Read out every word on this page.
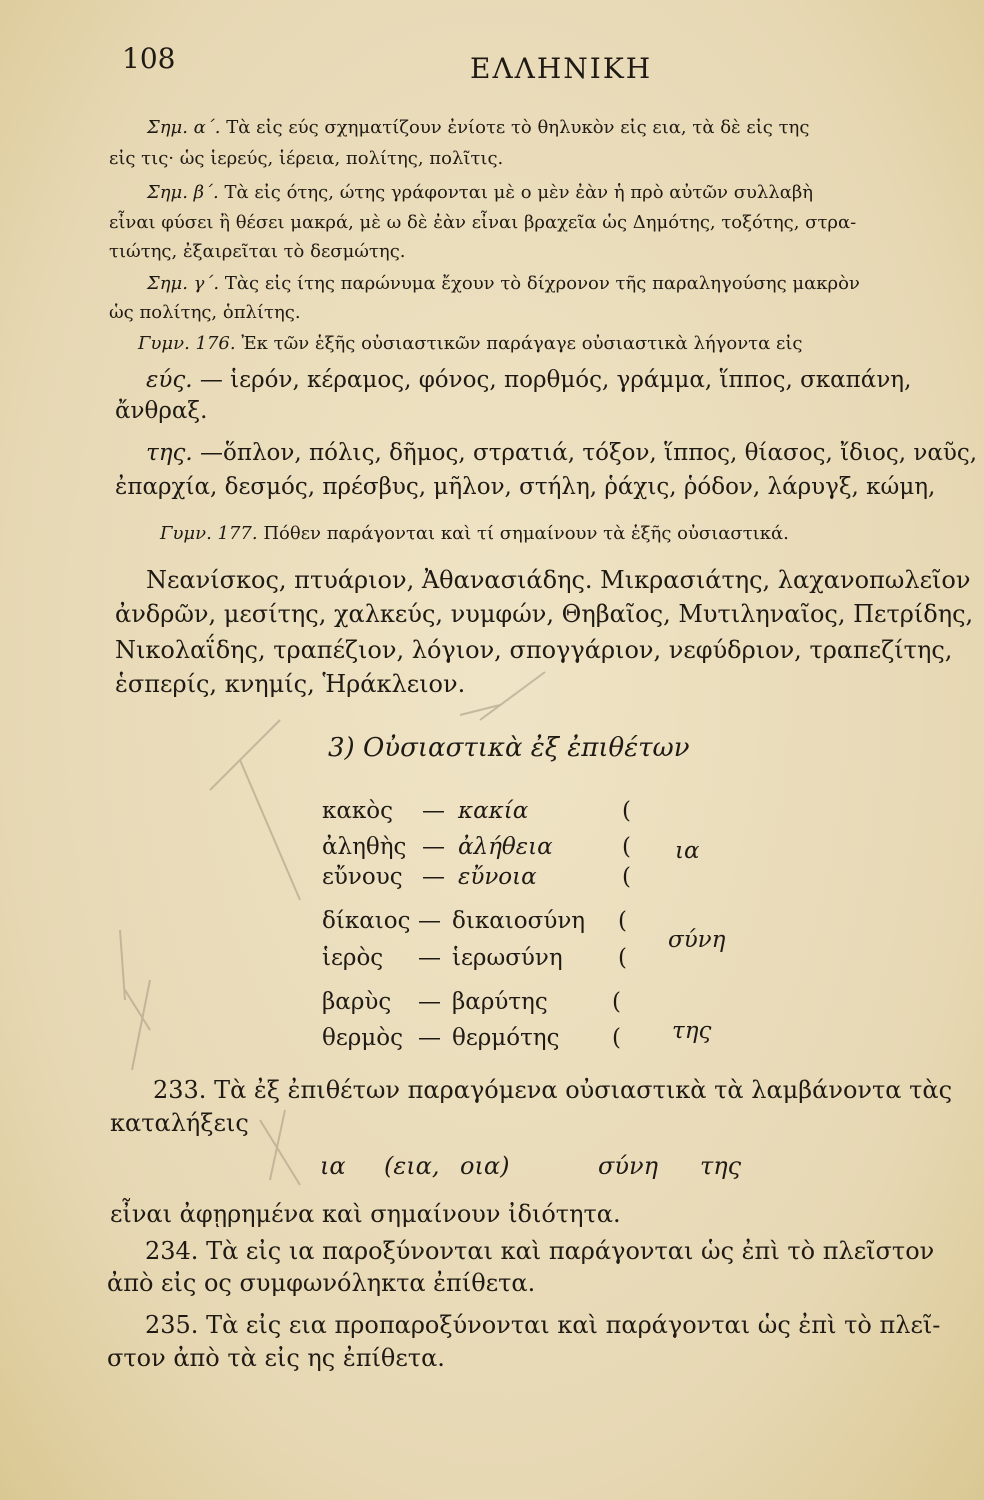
108	ΕΛΛΗΝΙΚΗ
Σημ. α΄. Τὰ εἰς εύς σχηματίζουν ἐνίοτε τὸ θηλυκὸν εἰς εια, τὰ δὲ εἰς της
εἰς τις· ὡς ἱερεύς, ἱέρεια, πολίτης, πολῖτις.
Σημ. β΄. Τὰ εἰς ότης, ώτης γράφονται μὲ ο μὲν ἐὰν ἡ πρὸ αὐτῶν συλλαβὴ
εἶναι φύσει ἢ θέσει μακρά, μὲ ω δὲ ἐὰν εἶναι βραχεῖα ὡς Δημότης, τοξότης, στρα-
τιώτης, ἐξαιρεῖται τὸ δεσμώτης.
Σημ. γ΄. Τὰς εἰς ίτης παρώνυμα ἔχουν τὸ δίχρονον τῆς παραληγούσης μακρὸν
ὡς πολίτης, ὁπλίτης.
Γυμν. 176. Ἐκ τῶν ἑξῆς οὐσιαστικῶν παράγαγε οὐσιαστικὰ λήγοντα εἰς
εύς. — ἱερόν, κέραμος, φόνος, πορθμός, γράμμα, ἵππος, σκαπάνη,
ἄνθραξ.
της. —ὅπλον, πόλις, δῆμος, στρατιά, τόξον, ἵππος, θίασος, ἴδιος, ναῦς,
ἐπαρχία, δεσμός, πρέσβυς, μῆλον, στήλη, ῥάχις, ῥόδον, λάρυγξ, κώμη,
Γυμν. 177. Πόθεν παράγονται καὶ τί σημαίνουν τὰ ἑξῆς οὐσιαστικά.
Νεανίσκος, πτυάριον, Ἀθανασιάδης. Μικρασιάτης, λαχανοπωλεῖον
ἀνδρῶν, μεσίτης, χαλκεύς, νυμφών, Θηβαῖος, Μυτιληναῖος, Πετρίδης,
Νικολαΐδης, τραπέζιον, λόγιον, σπογγάριον, νεφύδριον, τραπεζίτης,
ἑσπερίς, κνημίς, Ἡράκλειον.
3) Οὐσιαστικὰ ἐξ ἐπιθέτων
κακὸς — κακία	(
ἀληθὴς — ἀλήθεια	(
εὔνους — εὔνοια	(
ια
δίκαιος — δικαιοσύνη (
ἱερὸς — ἱερωσύνη (
σύνη
βαρὺς — βαρύτης	(
θερμὸς — θερμότης ( της
233. Τὰ ἐξ ἐπιθέτων παραγόμενα οὐσιαστικὰ τὰ λαμβάνοντα τὰς
καταλήξεις
ια (εια, οια)	σύνη της
εἶναι ἀφῃρημένα καὶ σημαίνουν ἰδιότητα.
234. Τὰ εἰς ια παροξύνονται καὶ παράγονται ὡς ἐπὶ τὸ πλεῖστον
ἀπὸ εἰς ος συμφωνόληκτα ἐπίθετα.
235. Τὰ εἰς εια προπαροξύνονται καὶ παράγονται ὡς ἐπὶ τὸ πλεῖ-
στον ἀπὸ τὰ εἰς ης ἐπίθετα.
